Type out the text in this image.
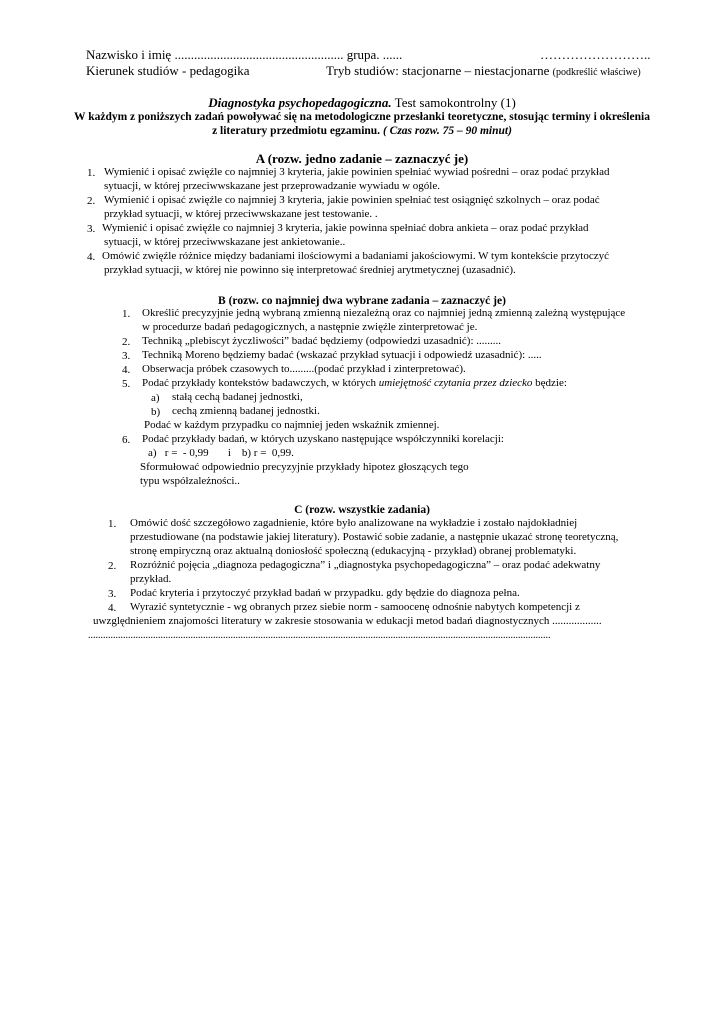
Nazwisko i imię .................................................... grupa. ......	……………………..
Kierunek studiów - pedagogika	Tryb studiów: stacjonarne – niestacjonarne (podkreślić właściwe)
Diagnostyka psychopedagogiczna. Test samokontrolny (1)
W każdym z poniższych zadań powoływać się na metodologiczne przesłanki teoretyczne, stosując terminy i określenia
z literatury przedmiotu egzaminu. ( Czas rozw. 75 – 90 minut)
A (rozw. jedno zadanie – zaznaczyć je)
1. Wymienić i opisać zwięźle co najmniej 3 kryteria, jakie powinien spełniać wywiad pośredni – oraz podać przykład
sytuacji, w której przeciwwskazane jest przeprowadzanie wywiadu w ogóle.
2. Wymienić i opisać zwięźle co najmniej 3 kryteria, jakie powinien spełniać test osiągnięć szkolnych – oraz podać
przykład sytuacji, w której przeciwwskazane jest testowanie. .
3. Wymienić i opisać zwięźle co najmniej 3 kryteria, jakie powinna spełniać dobra ankieta – oraz podać przykład
sytuacji, w której przeciwwskazane jest ankietowanie..
4. Omówić zwięźle różnice między badaniami ilościowymi a badaniami jakościowymi. W tym kontekście przytoczyć
przykład sytuacji, w której nie powinno się interpretować średniej arytmetycznej (uzasadnić).
B (rozw. co najmniej dwa wybrane zadania – zaznaczyć je)
1. Określić precyzyjnie jedną wybraną zmienną niezależną oraz co najmniej jedną zmienną zależną występujące
w procedurze badań pedagogicznych, a następnie zwięźle zinterpretować je.
2. Techniką „plebiscyt życzliwości” badać będziemy (odpowiedzi uzasadnić): .........
3. Techniką Moreno będziemy badać (wskazać przykład sytuacji i odpowiedź uzasadnić): .....
4. Obserwacja próbek czasowych to.........(podać przykład i zinterpretować).
5. Podać przykłady kontekstów badawczych, w których umiejętność czytania przez dziecko będzie:
a) stałą cechą badanej jednostki,
b) cechą zmienną badanej jednostki.
Podać w każdym przypadku co najmniej jeden wskaźnik zmiennej.
6. Podać przykłady badań, w których uzyskano następujące współczynniki korelacji:
a)   r =  - 0,99       i    b) r =  0,99.
Sformułować odpowiednio precyzyjnie przykłady hipotez głoszących tego
typu współzależności..
C (rozw. wszystkie zadania)
1. Omówić dość szczegółowo zagadnienie, które było analizowane na wykładzie i zostało najdokładniej
przestudiowane (na podstawie jakiej literatury). Postawić sobie zadanie, a następnie ukazać stronę teoretyczną,
stronę empiryczną oraz aktualną doniosłość społeczną (edukacyjną - przykład) obranej problematyki.
2. Rozróżnić pojęcia „diagnoza pedagogiczna” i „diagnostyka psychopedagogiczna” – oraz podać adekwatny
przykład.
3. Podać kryteria i przytoczyć przykład badań w przypadku. gdy będzie do diagnoza pełna.
4. Wyrazić syntetycznie - wg obranych przez siebie norm - samoocenę odnośnie nabytych kompetencji z
uwzględnieniem znajomości literatury w zakresie stosowania w edukacji metod badań diagnostycznych ..................
.........................................................................................................................................................................................
